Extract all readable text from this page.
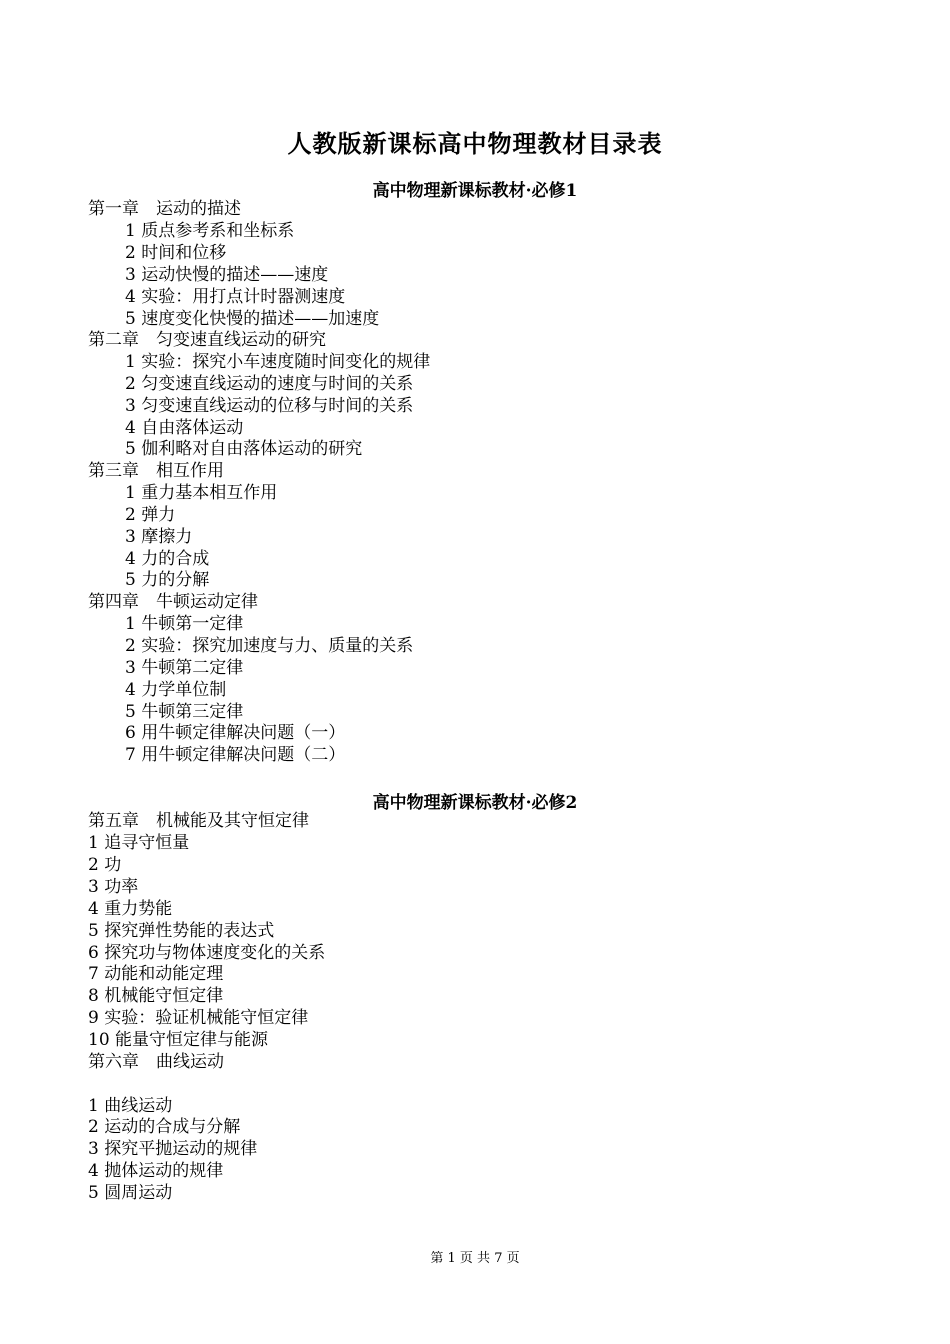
人教版新课标高中物理教材目录表
高中物理新课标教材·必修1
第一章　运动的描述
1 质点参考系和坐标系
2 时间和位移
3 运动快慢的描述——速度
4 实验：用打点计时器测速度
5 速度变化快慢的描述——加速度
第二章　匀变速直线运动的研究
1 实验：探究小车速度随时间变化的规律
2 匀变速直线运动的速度与时间的关系
3 匀变速直线运动的位移与时间的关系
4 自由落体运动
5 伽利略对自由落体运动的研究
第三章　相互作用
1 重力基本相互作用
2 弹力
3 摩擦力
4 力的合成
5 力的分解
第四章　牛顿运动定律
1 牛顿第一定律
2 实验：探究加速度与力、质量的关系
3 牛顿第二定律
4 力学单位制
5 牛顿第三定律
6 用牛顿定律解决问题（一）
7 用牛顿定律解决问题（二）
高中物理新课标教材·必修2
第五章　机械能及其守恒定律
1 追寻守恒量
2 功
3 功率
4 重力势能
5 探究弹性势能的表达式
6 探究功与物体速度变化的关系
7 动能和动能定理
8 机械能守恒定律
9 实验：验证机械能守恒定律
10 能量守恒定律与能源
第六章　曲线运动
1 曲线运动
2 运动的合成与分解
3 探究平抛运动的规律
4 抛体运动的规律
5 圆周运动
第 1 页 共 7 页
